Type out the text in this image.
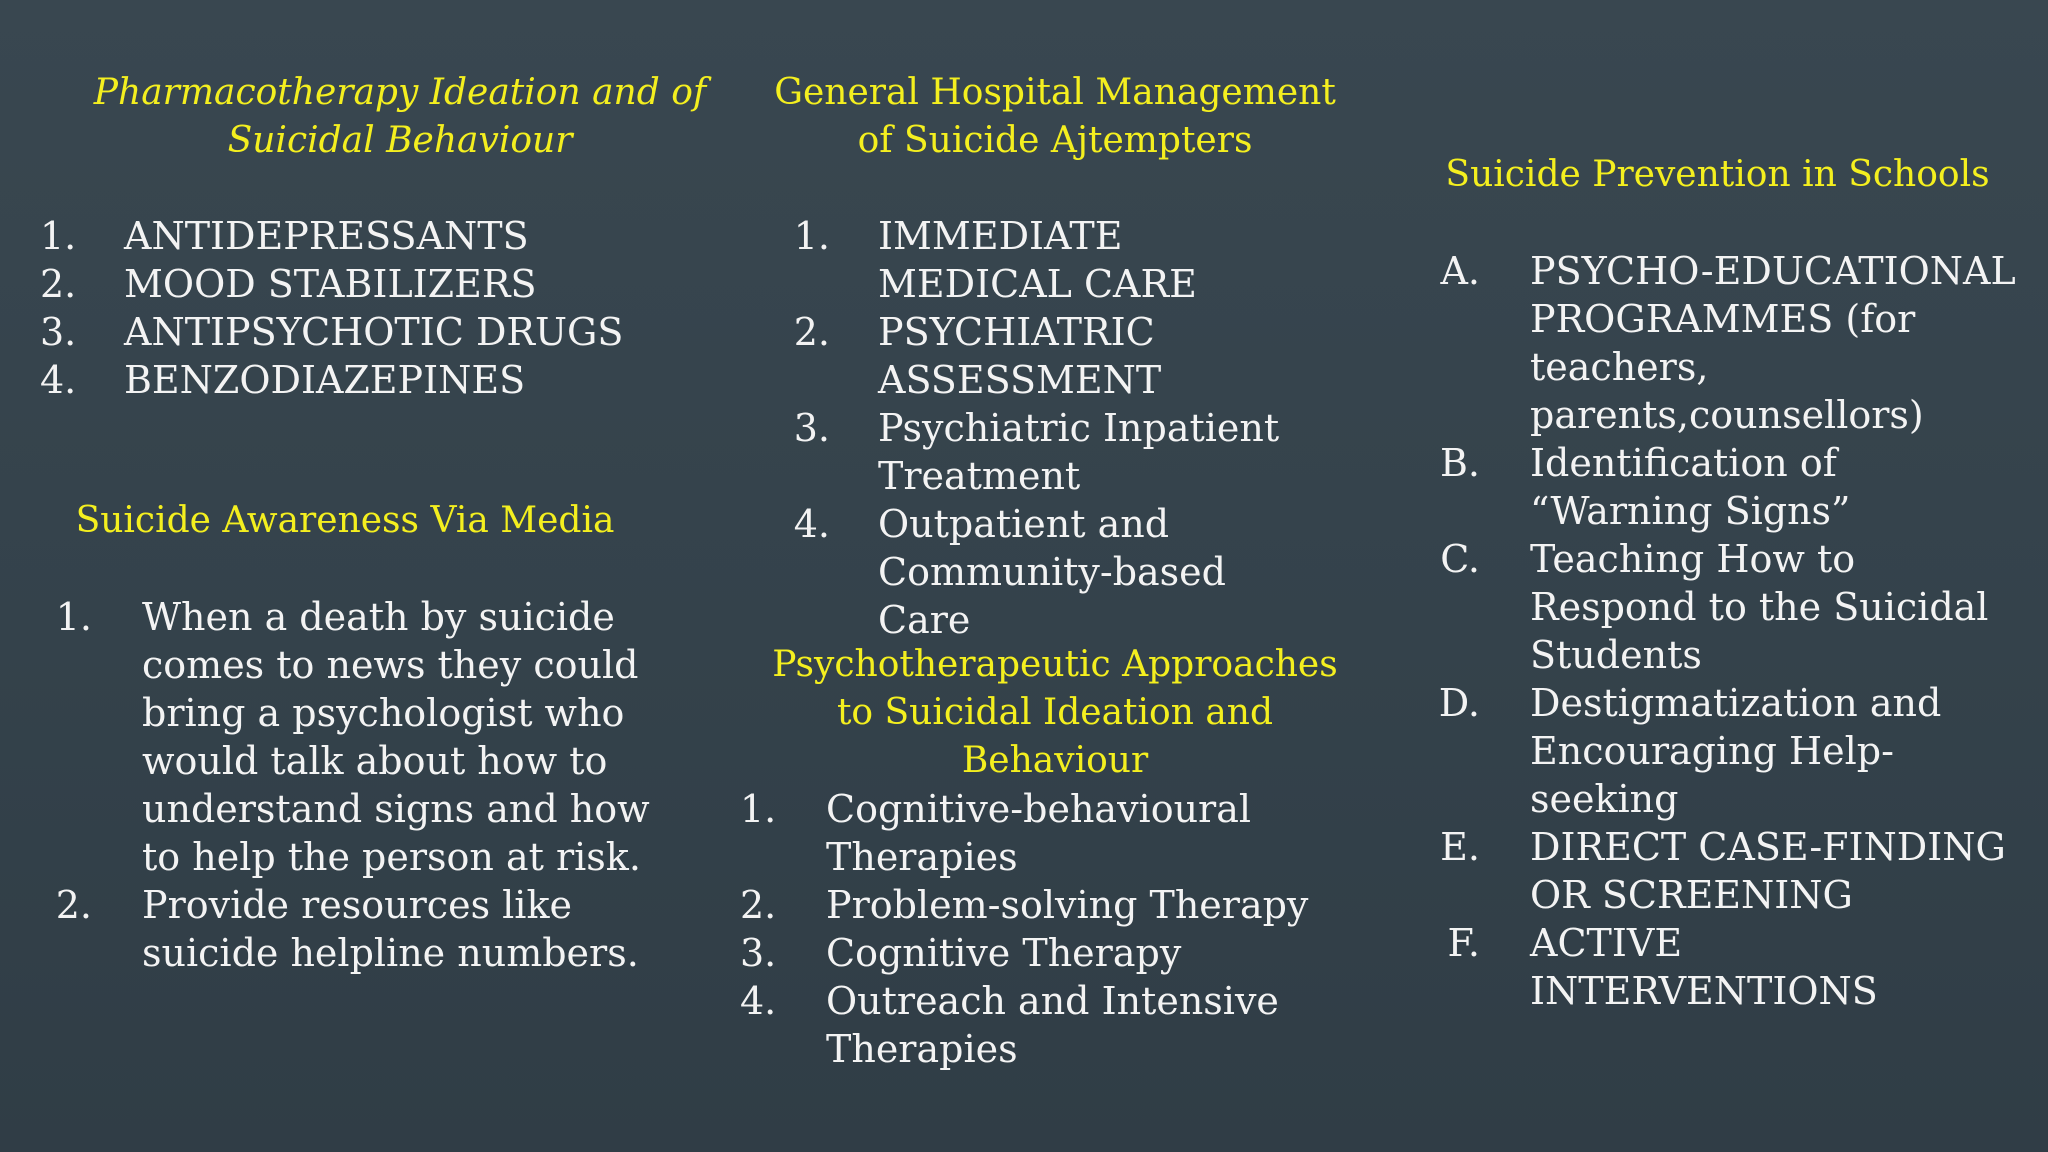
Pharmacotherapy Ideation and of Suicidal Behaviour
1. ANTIDEPRESSANTS
2. MOOD STABILIZERS
3. ANTIPSYCHOTIC DRUGS
4. BENZODIAZEPINES
Suicide Awareness Via Media
1. When a death by suicide comes to news they could bring a psychologist who would talk about how to understand signs and how to help the person at risk.
2. Provide resources like suicide helpline numbers.
General Hospital Management of Suicide Ajtempters
1. IMMEDIATE MEDICAL CARE
2. PSYCHIATRIC ASSESSMENT
3. Psychiatric Inpatient Treatment
4. Outpatient and Community-based Care
Psychotherapeutic Approaches to Suicidal Ideation and Behaviour
1. Cognitive-behavioural Therapies
2. Problem-solving Therapy
3. Cognitive Therapy
4. Outreach and Intensive Therapies
Suicide Prevention in Schools
A. PSYCHO-EDUCATIONAL PROGRAMMES (for teachers, parents,counsellors)
B. Identification of “Warning Signs”
C. Teaching How to Respond to the Suicidal Students
D. Destigmatization and Encouraging Help-seeking
E. DIRECT CASE-FINDING OR SCREENING
F. ACTIVE INTERVENTIONS
